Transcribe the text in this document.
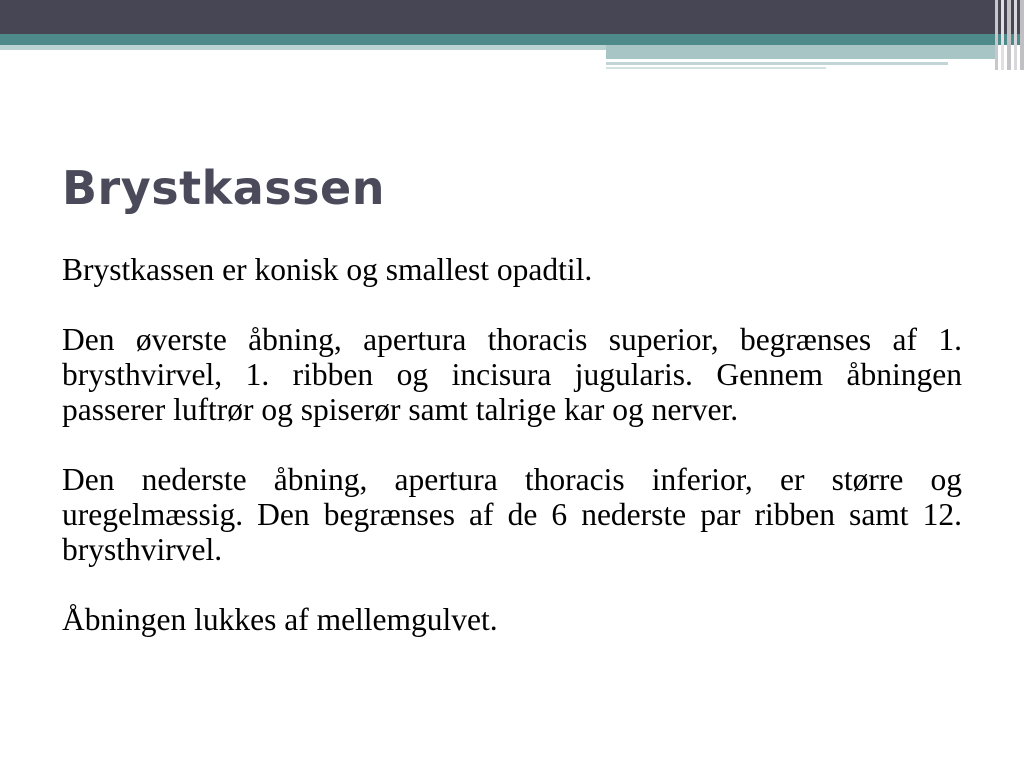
Brystkassen

Brystkassen er konisk og smallest opadtil.

Den øverste åbning, apertura thoracis superior, begrænses af 1. brysthvirvel, 1. ribben og incisura jugularis. Gennem åbningen passerer luftrør og spiserør samt talrige kar og nerver.

Den nederste åbning, apertura thoracis inferior, er større og uregelmæssig. Den begrænses af de 6 nederste par ribben samt 12. brysthvirvel.

Åbningen lukkes af mellemgulvet.
